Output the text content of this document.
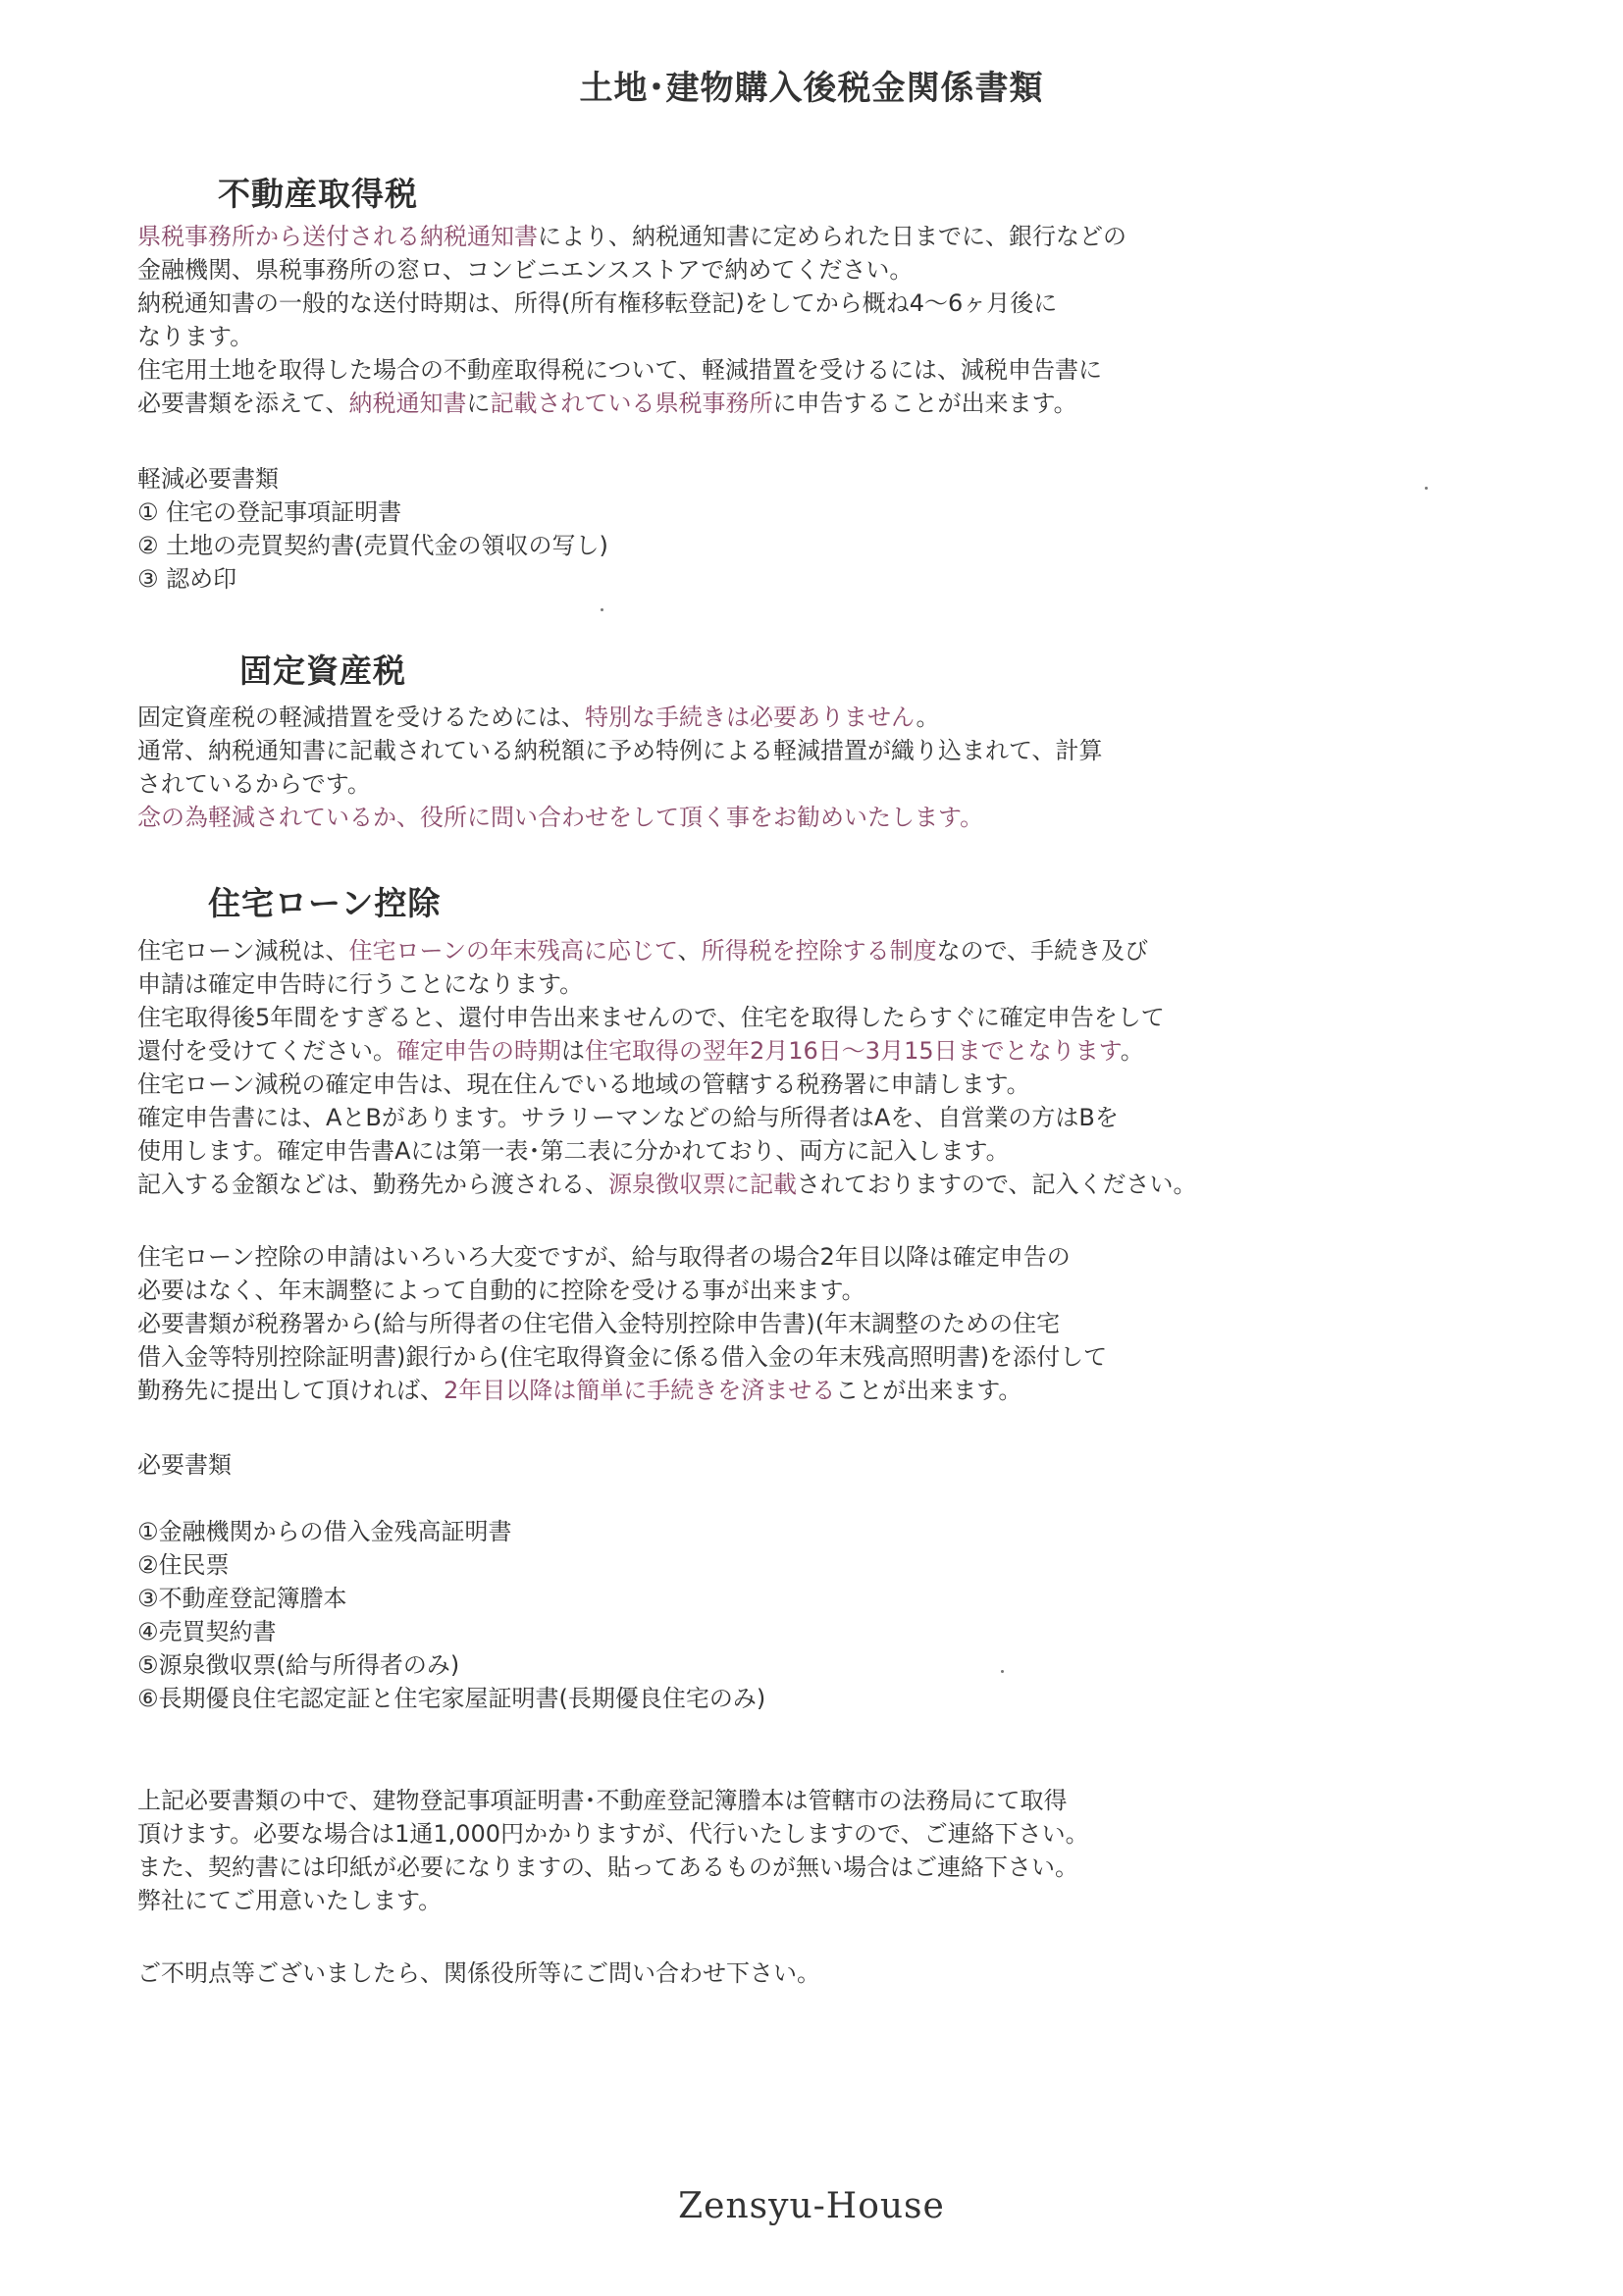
土地･建物購入後税金関係書類
不動産取得税
県税事務所から送付される納税通知書により、納税通知書に定められた日までに、銀行などの
金融機関、県税事務所の窓ロ、コンビニエンスストアで納めてください。
納税通知書の一般的な送付時期は、所得(所有権移転登記)をしてから概ね4～6ヶ月後に
なります。
住宅用土地を取得した場合の不動産取得税について、軽減措置を受けるには、減税申告書に
必要書類を添えて、納税通知書に記載されている県税事務所に申告することが出来ます。
軽減必要書類
① 住宅の登記事項証明書
② 土地の売買契約書(売買代金の領収の写し)
③ 認め印
固定資産税
固定資産税の軽減措置を受けるためには、特別な手続きは必要ありません。
通常、納税通知書に記載されている納税額に予め特例による軽減措置が織り込まれて、計算
されているからです。
念の為軽減されているか、役所に問い合わせをして頂く事をお勧めいたします。
住宅ローン控除
住宅ローン減税は、住宅ローンの年末残高に応じて、所得税を控除する制度なので、手続き及び
申請は確定申告時に行うことになります。
住宅取得後5年間をすぎると、還付申告出来ませんので、住宅を取得したらすぐに確定申告をして
還付を受けてください。確定申告の時期は住宅取得の翌年2月16日～3月15日までとなります。
住宅ローン減税の確定申告は、現在住んでいる地域の管轄する税務署に申請します。
確定申告書には、AとBがあります。サラリーマンなどの給与所得者はAを、自営業の方はBを
使用します。確定申告書Aには第一表･第二表に分かれており、両方に記入します。
記入する金額などは、勤務先から渡される、源泉徴収票に記載されておりますので、記入ください。
住宅ローン控除の申請はいろいろ大変ですが、給与取得者の場合2年目以降は確定申告の
必要はなく、年末調整によって自動的に控除を受ける事が出来ます。
必要書類が税務署から(給与所得者の住宅借入金特別控除申告書)(年末調整のための住宅
借入金等特別控除証明書)銀行から(住宅取得資金に係る借入金の年末残高照明書)を添付して
勤務先に提出して頂ければ、2年目以降は簡単に手続きを済ませることが出来ます。
必要書類
①金融機関からの借入金残高証明書
②住民票
③不動産登記簿謄本
④売買契約書
⑤源泉徴収票(給与所得者のみ)
⑥長期優良住宅認定証と住宅家屋証明書(長期優良住宅のみ)
上記必要書類の中で、建物登記事項証明書･不動産登記簿謄本は管轄市の法務局にて取得
頂けます。必要な場合は1通1,000円かかりますが、代行いたしますので、ご連絡下さい。
また、契約書には印紙が必要になりますの、貼ってあるものが無い場合はご連絡下さい。
弊社にてご用意いたします。
ご不明点等ございましたら、関係役所等にご問い合わせ下さい。
Zensyu-House
